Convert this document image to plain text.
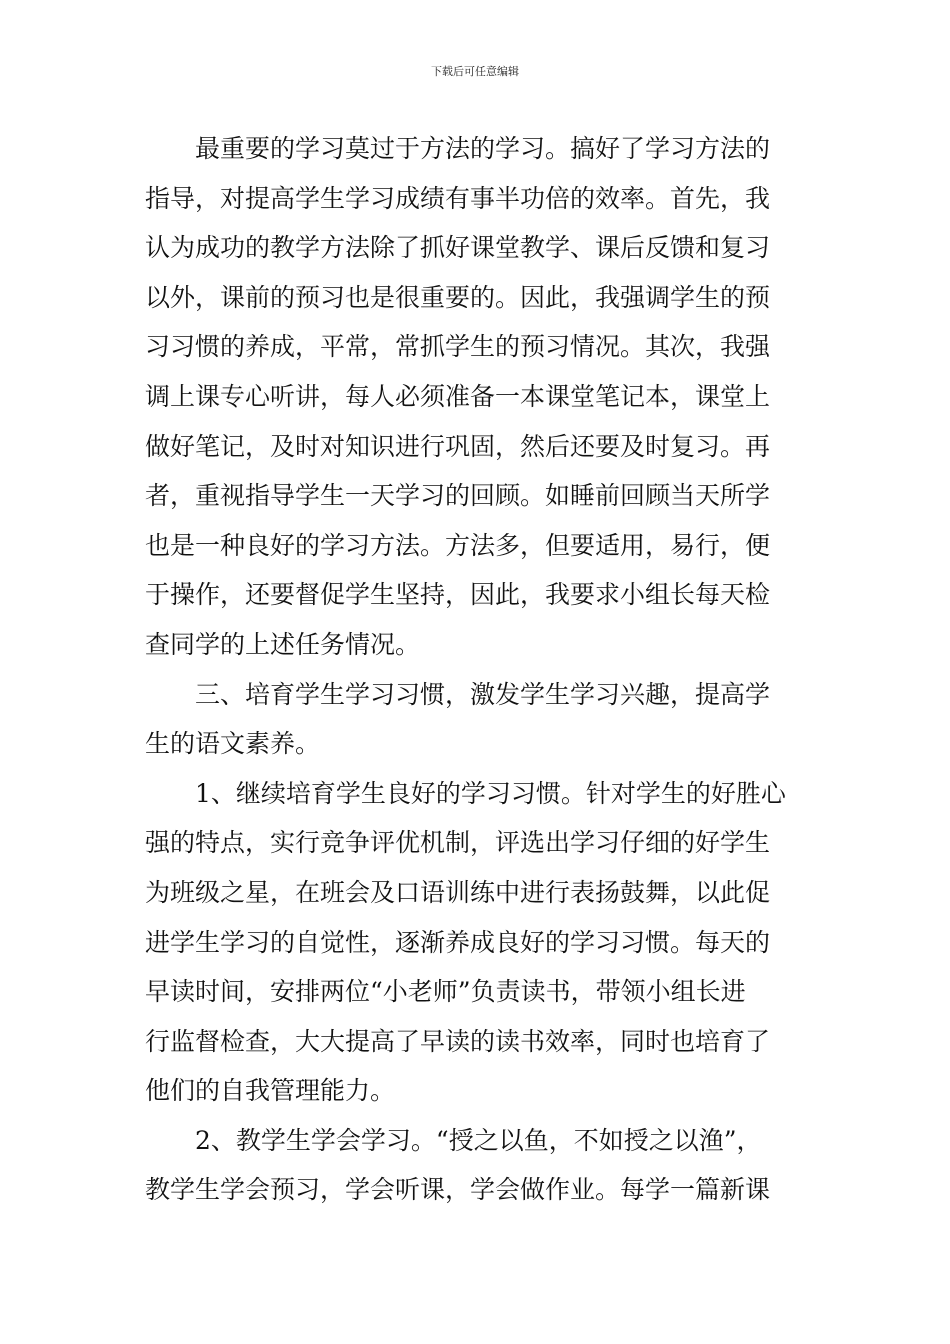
下载后可任意编辑
　　最重要的学习莫过于方法的学习。搞好了学习方法的
指导，对提高学生学习成绩有事半功倍的效率。首先，我
认为成功的教学方法除了抓好课堂教学、课后反馈和复习
以外，课前的预习也是很重要的。因此，我强调学生的预
习习惯的养成，平常，常抓学生的预习情况。其次，我强
调上课专心听讲，每人必须准备一本课堂笔记本，课堂上
做好笔记，及时对知识进行巩固，然后还要及时复习。再
者，重视指导学生一天学习的回顾。如睡前回顾当天所学
也是一种良好的学习方法。方法多，但要适用，易行，便
于操作，还要督促学生坚持，因此，我要求小组长每天检
查同学的上述任务情况。
　　三、培育学生学习习惯，激发学生学习兴趣，提高学
生的语文素养。
　　1、继续培育学生良好的学习习惯。针对学生的好胜心
强的特点，实行竞争评优机制，评选出学习仔细的好学生
为班级之星，在班会及口语训练中进行表扬鼓舞，以此促
进学生学习的自觉性，逐渐养成良好的学习习惯。每天的
早读时间，安排两位“小老师”负责读书，带领小组长进
行监督检查，大大提高了早读的读书效率，同时也培育了
他们的自我管理能力。
　　2、教学生学会学习。“授之以鱼，不如授之以渔”，
教学生学会预习，学会听课，学会做作业。每学一篇新课
